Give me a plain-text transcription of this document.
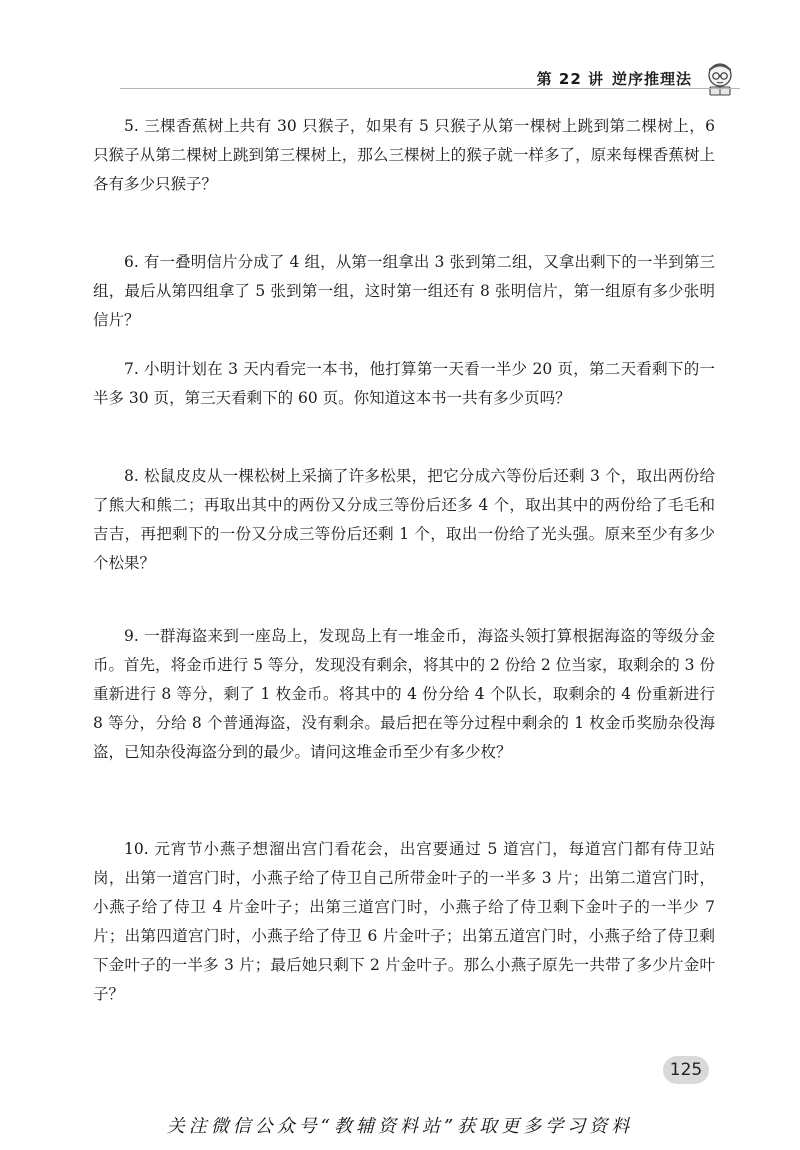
第 22 讲 逆序推理法

5. 三棵香蕉树上共有 30 只猴子，如果有 5 只猴子从第一棵树上跳到第二棵树上，6 只猴子从第二棵树上跳到第三棵树上，那么三棵树上的猴子就一样多了，原来每棵香蕉树上各有多少只猴子？

6. 有一叠明信片分成了 4 组，从第一组拿出 3 张到第二组，又拿出剩下的一半到第三组，最后从第四组拿了 5 张到第一组，这时第一组还有 8 张明信片，第一组原有多少张明信片？

7. 小明计划在 3 天内看完一本书，他打算第一天看一半少 20 页，第二天看剩下的一半多 30 页，第三天看剩下的 60 页。你知道这本书一共有多少页吗？

8. 松鼠皮皮从一棵松树上采摘了许多松果，把它分成六等份后还剩 3 个，取出两份给了熊大和熊二；再取出其中的两份又分成三等份后还多 4 个，取出其中的两份给了毛毛和吉吉，再把剩下的一份又分成三等份后还剩 1 个，取出一份给了光头强。原来至少有多少个松果？

9. 一群海盗来到一座岛上，发现岛上有一堆金币，海盗头领打算根据海盗的等级分金币。首先，将金币进行 5 等分，发现没有剩余，将其中的 2 份给 2 位当家，取剩余的 3 份重新进行 8 等分，剩了 1 枚金币。将其中的 4 份分给 4 个队长，取剩余的 4 份重新进行 8 等分，分给 8 个普通海盗，没有剩余。最后把在等分过程中剩余的 1 枚金币奖励杂役海盗，已知杂役海盗分到的最少。请问这堆金币至少有多少枚？

10. 元宵节小燕子想溜出宫门看花会，出宫要通过 5 道宫门，每道宫门都有侍卫站岗，出第一道宫门时，小燕子给了侍卫自己所带金叶子的一半多 3 片；出第二道宫门时，小燕子给了侍卫 4 片金叶子；出第三道宫门时，小燕子给了侍卫剩下金叶子的一半少 7 片；出第四道宫门时，小燕子给了侍卫 6 片金叶子；出第五道宫门时，小燕子给了侍卫剩下金叶子的一半多 3 片；最后她只剩下 2 片金叶子。那么小燕子原先一共带了多少片金叶子？

125
关注微信公众号“教辅资料站”获取更多学习资料
